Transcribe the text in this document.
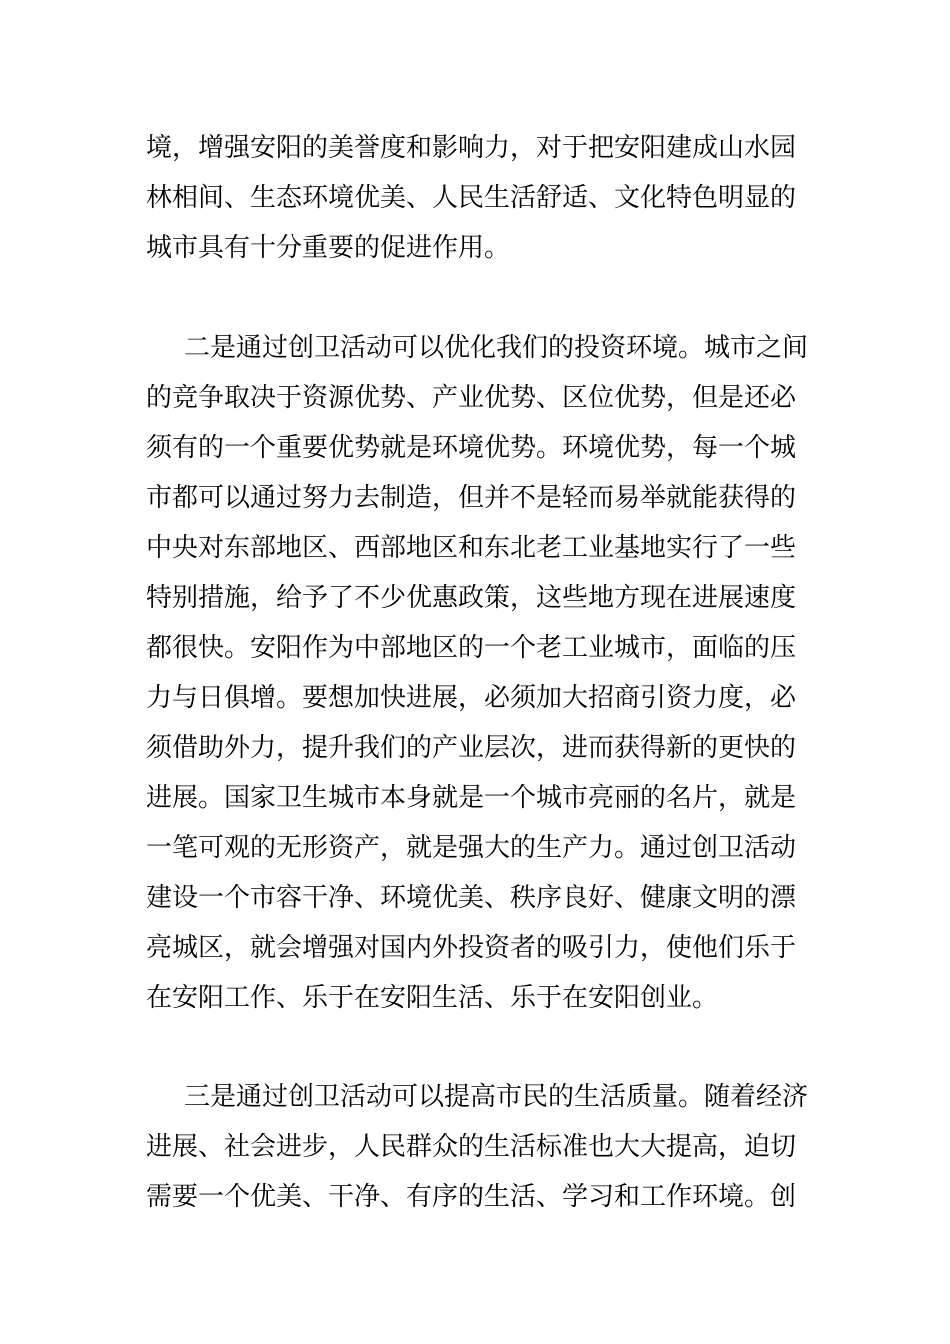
境，增强安阳的美誉度和影响力，对于把安阳建成山水园
林相间、生态环境优美、人民生活舒适、文化特色明显的
城市具有十分重要的促进作用。
二是通过创卫活动可以优化我们的投资环境。城市之间
的竞争取决于资源优势、产业优势、区位优势，但是还必
须有的一个重要优势就是环境优势。环境优势，每一个城
市都可以通过努力去制造，但并不是轻而易举就能获得的
中央对东部地区、西部地区和东北老工业基地实行了一些
特别措施，给予了不少优惠政策，这些地方现在进展速度
都很快。安阳作为中部地区的一个老工业城市，面临的压
力与日俱增。要想加快进展，必须加大招商引资力度，必
须借助外力，提升我们的产业层次，进而获得新的更快的
进展。国家卫生城市本身就是一个城市亮丽的名片，就是
一笔可观的无形资产，就是强大的生产力。通过创卫活动
建设一个市容干净、环境优美、秩序良好、健康文明的漂
亮城区，就会增强对国内外投资者的吸引力，使他们乐于
在安阳工作、乐于在安阳生活、乐于在安阳创业。
三是通过创卫活动可以提高市民的生活质量。随着经济
进展、社会进步，人民群众的生活标准也大大提高，迫切
需要一个优美、干净、有序的生活、学习和工作环境。创
